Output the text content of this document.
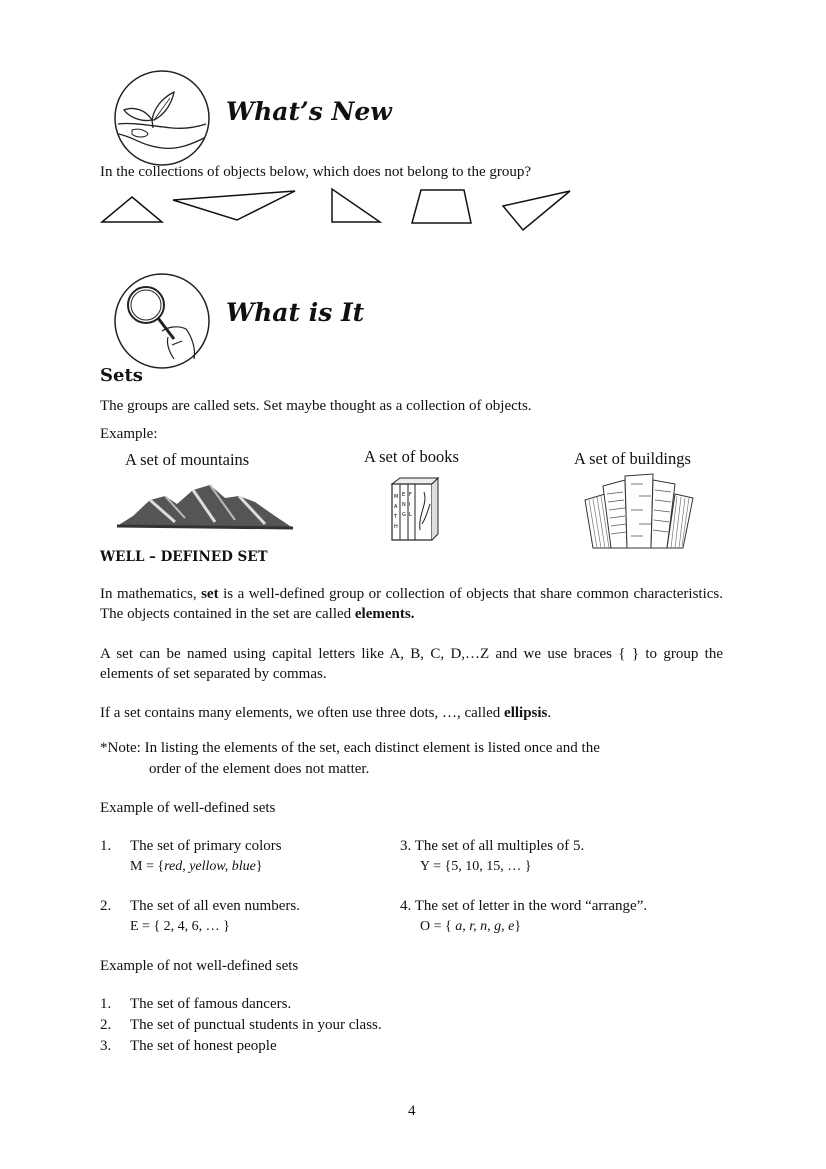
What’s New
In the collections of objects below, which does not belong to the group?
What is It
Sets
The groups are called sets. Set maybe thought as a collection of objects.
Example:
A set of mountains	A set of books	A set of buildings
M
A
T
H
E
N
G
F
I
L
WELL – DEFINED SET
In mathematics, set is a well-defined group or collection of objects that share common characteristics. The objects contained in the set are called elements.
A set can be named using capital letters like A, B, C, D,…Z and we use braces { } to group the elements of set separated by commas.
If a set contains many elements, we often use three dots, …, called ellipsis.
*Note: In listing the elements of the set, each distinct element is listed once and the
order of the element does not matter.
Example of well-defined sets
1. The set of primary colors
M = {red, yellow, blue}
2. The set of all even numbers.
E = { 2, 4, 6, … }
3. The set of all multiples of 5.
Y = {5, 10, 15, … }
4. The set of letter in the word “arrange”.
O = { a, r, n, g, e}
Example of not well-defined sets
1. The set of famous dancers.
2. The set of punctual students in your class.
3. The set of honest people
4
